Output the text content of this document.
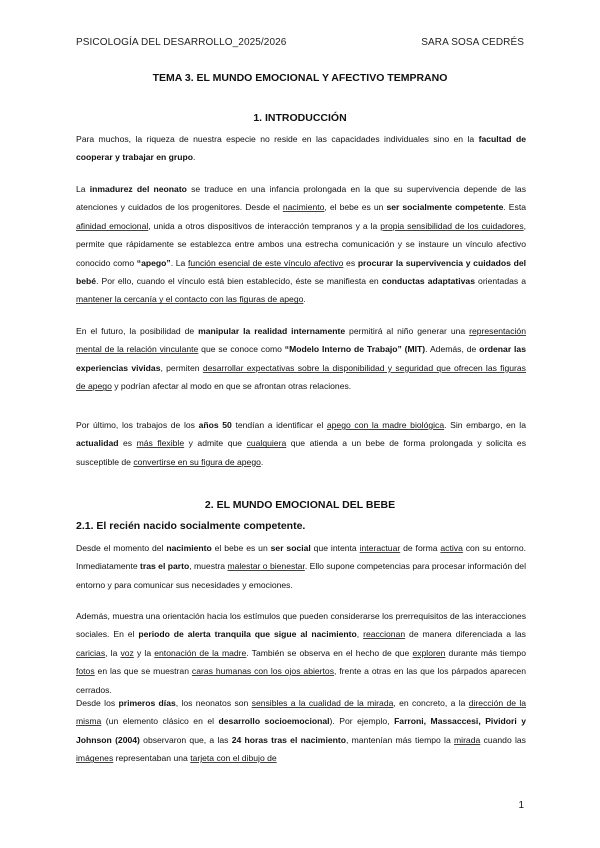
PSICOLOGÍA DEL DESARROLLO_2025/2026	SARA SOSA CEDRÉS
TEMA 3. EL MUNDO EMOCIONAL Y AFECTIVO TEMPRANO
1. INTRODUCCIÓN
Para muchos, la riqueza de nuestra especie no reside en las capacidades individuales sino en la facultad de cooperar y trabajar en grupo.
La inmadurez del neonato se traduce en una infancia prolongada en la que su supervivencia depende de las atenciones y cuidados de los progenitores. Desde el nacimiento, el bebe es un ser socialmente competente. Esta afinidad emocional, unida a otros dispositivos de interacción tempranos y a la propia sensibilidad de los cuidadores, permite que rápidamente se establezca entre ambos una estrecha comunicación y se instaure un vínculo afectivo conocido como “apego”. La función esencial de este vínculo afectivo es procurar la supervivencia y cuidados del bebé. Por ello, cuando el vínculo está bien establecido, éste se manifiesta en conductas adaptativas orientadas a mantener la cercanía y el contacto con las figuras de apego.
En el futuro, la posibilidad de manipular la realidad internamente permitirá al niño generar una representación mental de la relación vinculante que se conoce como “Modelo Interno de Trabajo” (MIT). Además, de ordenar las experiencias vividas, permiten desarrollar expectativas sobre la disponibilidad y seguridad que ofrecen las figuras de apego y podrían afectar al modo en que se afrontan otras relaciones.
Por último, los trabajos de los años 50 tendían a identificar el apego con la madre biológica. Sin embargo, en la actualidad es más flexible y admite que cualquiera que atienda a un bebe de forma prolongada y solicita es susceptible de convertirse en su figura de apego.
2. EL MUNDO EMOCIONAL DEL BEBE
2.1. El recién nacido socialmente competente.
Desde el momento del nacimiento el bebe es un ser social que intenta interactuar de forma activa con su entorno. Inmediatamente tras el parto, muestra malestar o bienestar. Ello supone competencias para procesar información del entorno y para comunicar sus necesidades y emociones.
Además, muestra una orientación hacia los estímulos que pueden considerarse los prerrequisitos de las interacciones sociales. En el periodo de alerta tranquila que sigue al nacimiento, reaccionan de manera diferenciada a las caricias, la voz y la entonación de la madre. También se observa en el hecho de que exploren durante más tiempo fotos en las que se muestran caras humanas con los ojos abiertos, frente a otras en las que los párpados aparecen cerrados.
Desde los primeros días, los neonatos son sensibles a la cualidad de la mirada, en concreto, a la dirección de la misma (un elemento clásico en el desarrollo socioemocional). Por ejemplo, Farroni, Massaccesi, Pividori y Johnson (2004) observaron que, a las 24 horas tras el nacimiento, mantenían más tiempo la mirada cuando las imágenes representaban una tarjeta con el dibujo de
1
